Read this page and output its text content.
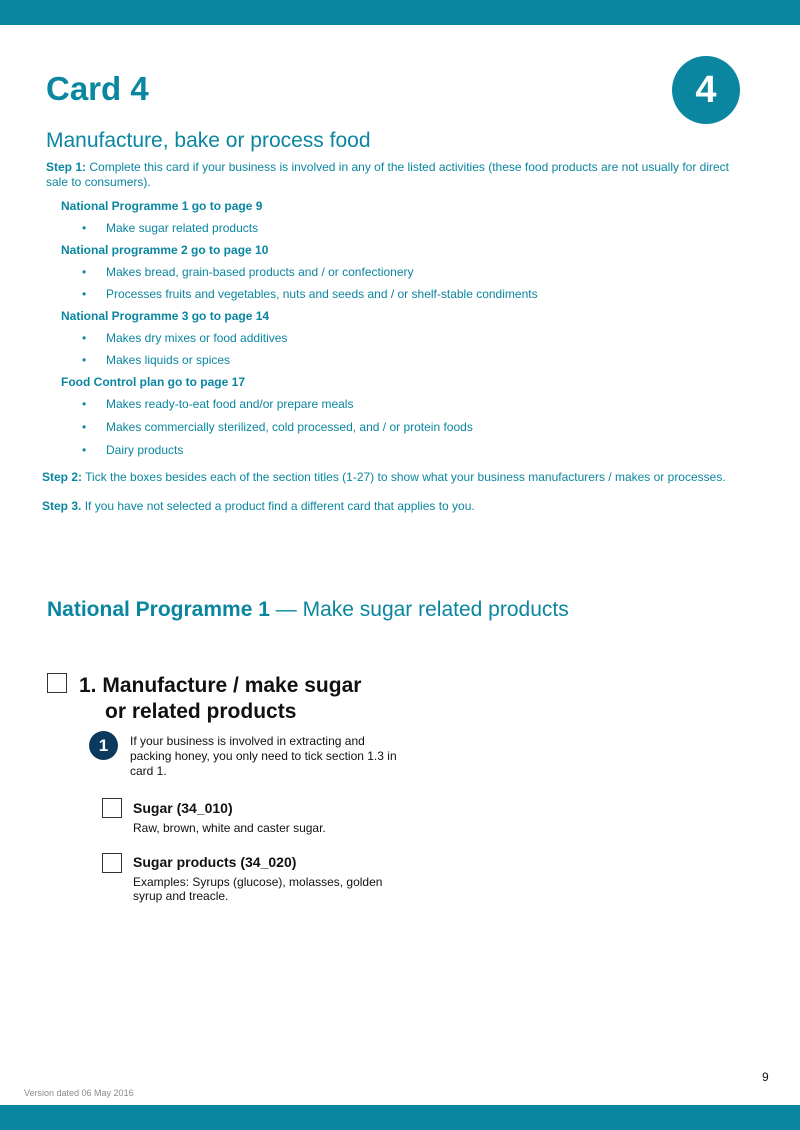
Card 4	4
Manufacture, bake or process food
Step 1: Complete this card if your business is involved in any of the listed activities (these food products are not usually for direct sale to consumers).
National Programme 1 go to page 9
• Make sugar related products
National programme 2 go to page 10
• Makes bread, grain-based products and / or confectionery
• Processes fruits and vegetables, nuts and seeds and / or shelf-stable condiments
National Programme 3 go to page 14
• Makes dry mixes or food additives
• Makes liquids or spices
Food Control plan go to page 17
• Makes ready-to-eat food and/or prepare meals
• Makes commercially sterilized, cold processed, and / or protein foods
• Dairy products
Step 2: Tick the boxes besides each of the section titles (1-27) to show what your business manufacturers / makes or processes.
Step 3. If you have not selected a product find a different card that applies to you.
National Programme 1 — Make sugar related products
1. Manufacture / make sugar
or related products
1	If your business is involved in extracting and packing honey, you only need to tick section 1.3 in card 1.
Sugar (34_010)
Raw, brown, white and caster sugar.
Sugar products (34_020)
Examples: Syrups (glucose), molasses, golden syrup and treacle.
9
Version dated 06 May 2016
